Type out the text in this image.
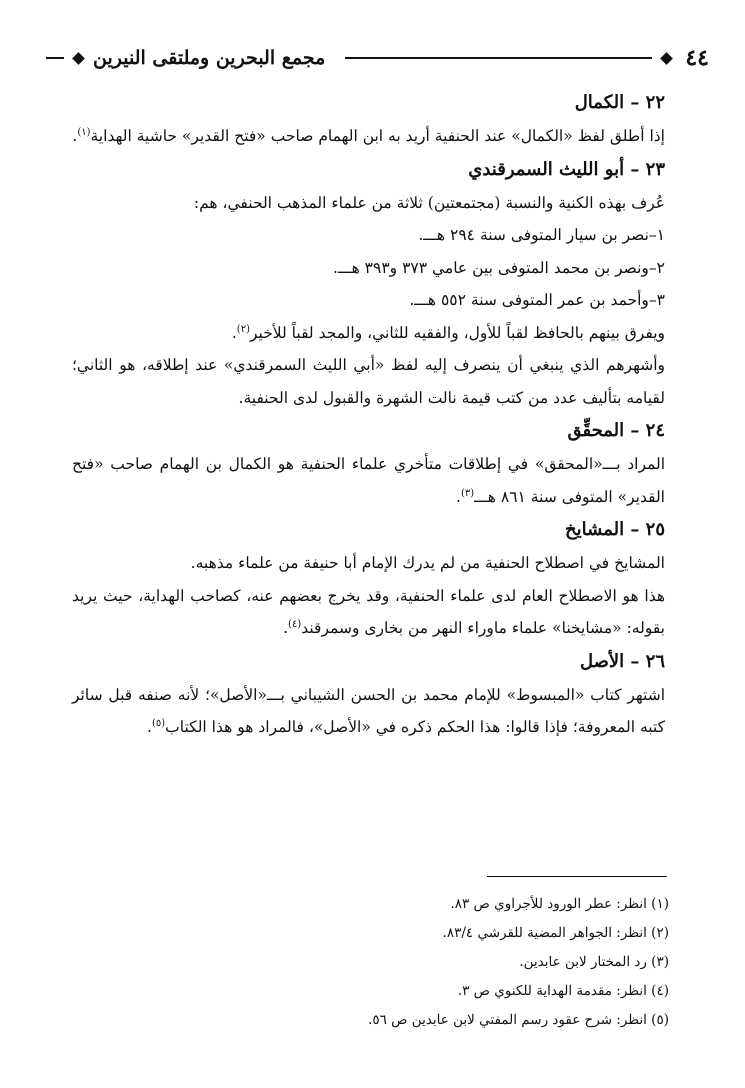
٤٤
مجمع البحرين وملتقى النيرين
٢٢ – الكمال

إذا أطلق لفظ «الكمال» عند الحنفية أريد به ابن الهمام صاحب «فتح القدير» حاشية الهداية$^{(١)}$.

٢٣ – أبو الليث السمرقندي

عُرف بهذه الكنية والنسبة (مجتمعتين) ثلاثة من علماء المذهب الحنفي، هم:

١–نصر بن سيار المتوفى سنة ٢٩٤ هـــ.

٢–ونصر بن محمد المتوفى بين عامي ٣٧٣ و٣٩٣ هـــ.

٣–وأحمد بن عمر المتوفى سنة ٥٥٢ هـــ.

ويفرق بينهم بالحافظ لقباً للأول، والفقيه للثاني، والمجد لقباً للأخير$^{(٢)}$.

وأشهرهم الذي ينبغي أن ينصرف إليه لفظ «أبي الليث السمرقندي» عند إطلاقه، هو الثاني؛ لقيامه بتأليف عدد من كتب قيمة نالت الشهرة والقبول لدى الحنفية.

٢٤ – المحقِّق

المراد بـــ«المحقق» في إطلاقات متأخري علماء الحنفية هو الكمال بن الهمام صاحب «فتح القدير» المتوفى سنة ٨٦١ هـــ$^{(٣)}$.

٢٥ – المشايخ

المشايخ في اصطلاح الحنفية من لم يدرك الإمام أبا حنيفة من علماء مذهبه.

هذا هو الاصطلاح العام لدى علماء الحنفية، وقد يخرج بعضهم عنه، كصاحب الهداية، حيث يريد بقوله: «مشايخنا» علماء ماوراء النهر من بخارى وسمرقند$^{(٤)}$.

٢٦ – الأصل

اشتهر كتاب «المبسوط» للإمام محمد بن الحسن الشيباني بـــ«الأصل»؛ لأنه صنفه قبل سائر كتبه المعروفة؛ فإذا قالوا: هذا الحكم ذكره في «الأصل»، فالمراد هو هذا الكتاب$^{(٥)}$.

(١) انظر: عطر الورود للأجراوي ص ٨٣.
(٢) انظر: الجواهر المضية للقرشي ٨٣/٤.
(٣) رد المختار لابن عابدين.
(٤) انظر: مقدمة الهداية للكنوي ص ٣.
(٥) انظر: شرح عقود رسم المفتي لابن عابدين ص ٥٦.
